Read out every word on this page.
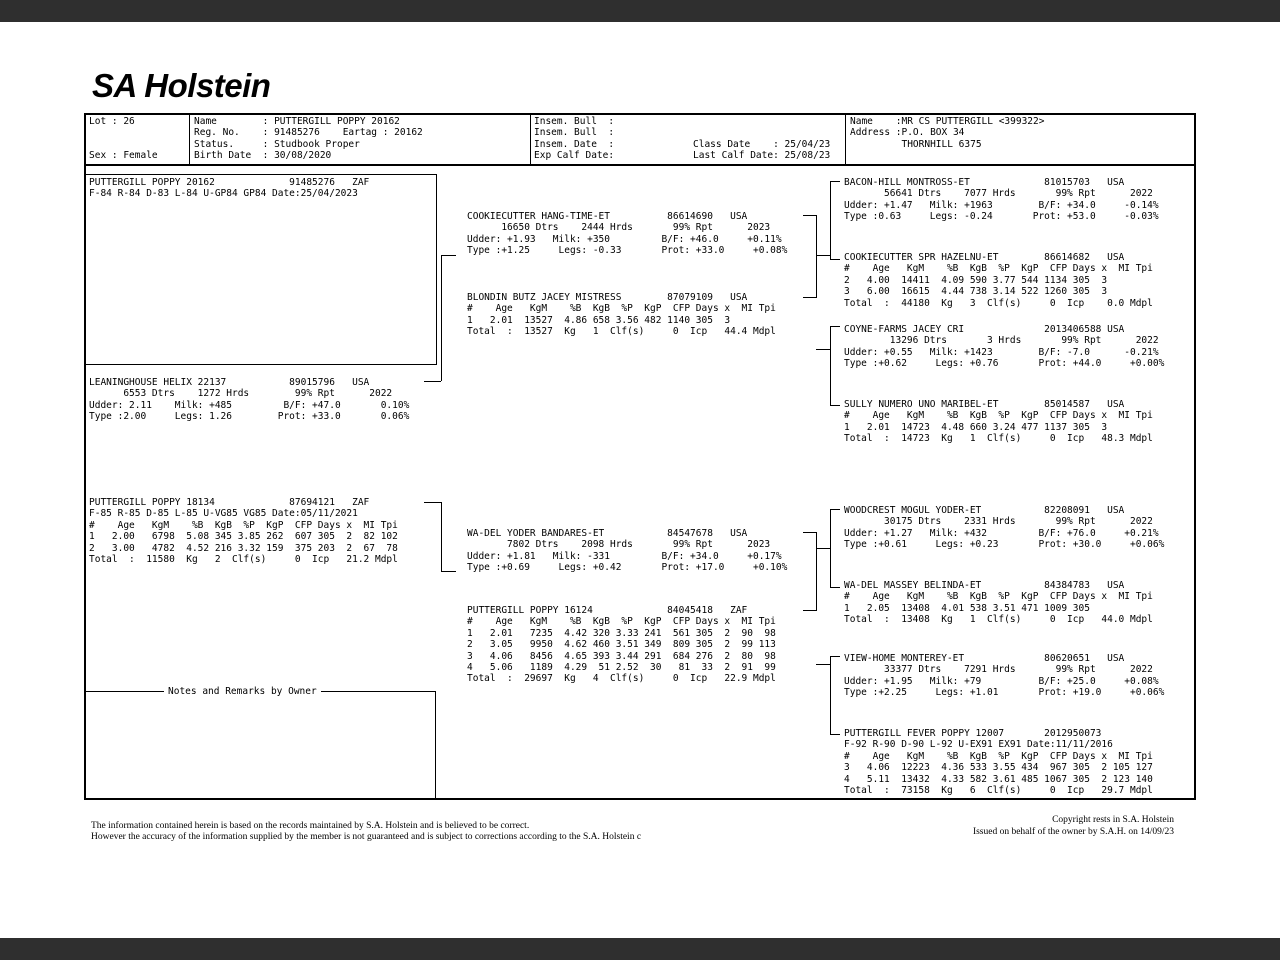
SA Holstein
Lot : 26
Sex : Female
Name        : PUTTERGILL POPPY 20162
Reg. No.    : 91485276    Eartag : 20162
Status.     : Studbook Proper
Birth Date  : 30/08/2020
Insem. Bull  :
Insem. Bull  :
Insem. Date  :
Exp Calf Date:
Class Date    : 25/04/23
Last Calf Date: 25/08/23
Name    :MR CS PUTTERGILL <399322>
Address :P.O. BOX 34
THORNHILL 6375
PUTTERGILL POPPY 20162             91485276   ZAF
F-84 R-84 D-83 L-84 U-GP84 GP84 Date:25/04/2023
LEANINGHOUSE HELIX 22137           89015796   USA
6553 Dtrs    1272 Hrds        99% Rpt      2022
Udder: 2.11    Milk: +485         B/F: +47.0       0.10%
Type :2.00     Legs: 1.26        Prot: +33.0       0.06%
PUTTERGILL POPPY 18134             87694121   ZAF
F-85 R-85 D-85 L-85 U-VG85 VG85 Date:05/11/2021
#    Age   KgM    %B  KgB  %P  KgP  CFP Days x  MI Tpi
1   2.00   6798  5.08 345 3.85 262  607 305  2  82 102
2   3.00   4782  4.52 216 3.32 159  375 203  2  67  78
Total  :  11580  Kg   2  Clf(s)     0  Icp   21.2 Mdpl
COOKIECUTTER HANG-TIME-ET          86614690   USA
16650 Dtrs    2444 Hrds       99% Rpt      2023
Udder: +1.93   Milk: +350         B/F: +46.0     +0.11%
Type :+1.25     Legs: -0.33       Prot: +33.0     +0.08%
BLONDIN BUTZ JACEY MISTRESS        87079109   USA
#    Age   KgM    %B  KgB  %P  KgP  CFP Days x  MI Tpi
1   2.01  13527  4.86 658 3.56 482 1140 305  3
Total  :  13527  Kg   1  Clf(s)     0  Icp   44.4 Mdpl
WA-DEL YODER BANDARES-ET           84547678   USA
7802 Dtrs    2098 Hrds       99% Rpt      2023
Udder: +1.81   Milk: -331         B/F: +34.0     +0.17%
Type :+0.69     Legs: +0.42       Prot: +17.0     +0.10%
PUTTERGILL POPPY 16124             84045418   ZAF
#    Age   KgM    %B  KgB  %P  KgP  CFP Days x  MI Tpi
1   2.01   7235  4.42 320 3.33 241  561 305  2  90  98
2   3.05   9950  4.62 460 3.51 349  809 305  2  99 113
3   4.06   8456  4.65 393 3.44 291  684 276  2  80  98
4   5.06   1189  4.29  51 2.52  30   81  33  2  91  99
Total  :  29697  Kg   4  Clf(s)     0  Icp   22.9 Mdpl
BACON-HILL MONTROSS-ET             81015703   USA
56641 Dtrs    7077 Hrds       99% Rpt      2022
Udder: +1.47   Milk: +1963        B/F: +34.0     -0.14%
Type :0.63     Legs: -0.24       Prot: +53.0     -0.03%
COOKIECUTTER SPR HAZELNU-ET        86614682   USA
#    Age   KgM    %B  KgB  %P  KgP  CFP Days x  MI Tpi
2   4.00  14411  4.09 590 3.77 544 1134 305  3
3   6.00  16615  4.44 738 3.14 522 1260 305  3
Total  :  44180  Kg   3  Clf(s)     0  Icp    0.0 Mdpl
COYNE-FARMS JACEY CRI              2013406588 USA
13296 Dtrs       3 Hrds       99% Rpt      2022
Udder: +0.55   Milk: +1423        B/F: -7.0      -0.21%
Type :+0.62     Legs: +0.76       Prot: +44.0     +0.00%
SULLY NUMERO UNO MARIBEL-ET        85014587   USA
#    Age   KgM    %B  KgB  %P  KgP  CFP Days x  MI Tpi
1   2.01  14723  4.48 660 3.24 477 1137 305  3
Total  :  14723  Kg   1  Clf(s)     0  Icp   48.3 Mdpl
WOODCREST MOGUL YODER-ET           82208091   USA
30175 Dtrs    2331 Hrds       99% Rpt      2022
Udder: +1.27   Milk: +432         B/F: +76.0     +0.21%
Type :+0.61     Legs: +0.23       Prot: +30.0     +0.06%
WA-DEL MASSEY BELINDA-ET           84384783   USA
#    Age   KgM    %B  KgB  %P  KgP  CFP Days x  MI Tpi
1   2.05  13408  4.01 538 3.51 471 1009 305
Total  :  13408  Kg   1  Clf(s)     0  Icp   44.0 Mdpl
VIEW-HOME MONTEREY-ET              80620651   USA
33377 Dtrs    7291 Hrds       99% Rpt      2022
Udder: +1.95   Milk: +79          B/F: +25.0     +0.08%
Type :+2.25     Legs: +1.01       Prot: +19.0     +0.06%
PUTTERGILL FEVER POPPY 12007       2012950073
F-92 R-90 D-90 L-92 U-EX91 EX91 Date:11/11/2016
#    Age   KgM    %B  KgB  %P  KgP  CFP Days x  MI Tpi
3   4.06  12223  4.36 533 3.55 434  967 305  2 105 127
4   5.11  13432  4.33 582 3.61 485 1067 305  2 123 140
Total  :  73158  Kg   6  Clf(s)     0  Icp   29.7 Mdpl
Notes and Remarks by Owner
The information contained herein is based on the records maintained by S.A. Holstein and is believed to be correct.
However the accuracy of the information supplied by the member is not guaranteed and is subject to corrections according to the S.A. Holstein c
Copyright rests in S.A. Holstein
Issued on behalf of the owner by S.A.H. on 14/09/23
